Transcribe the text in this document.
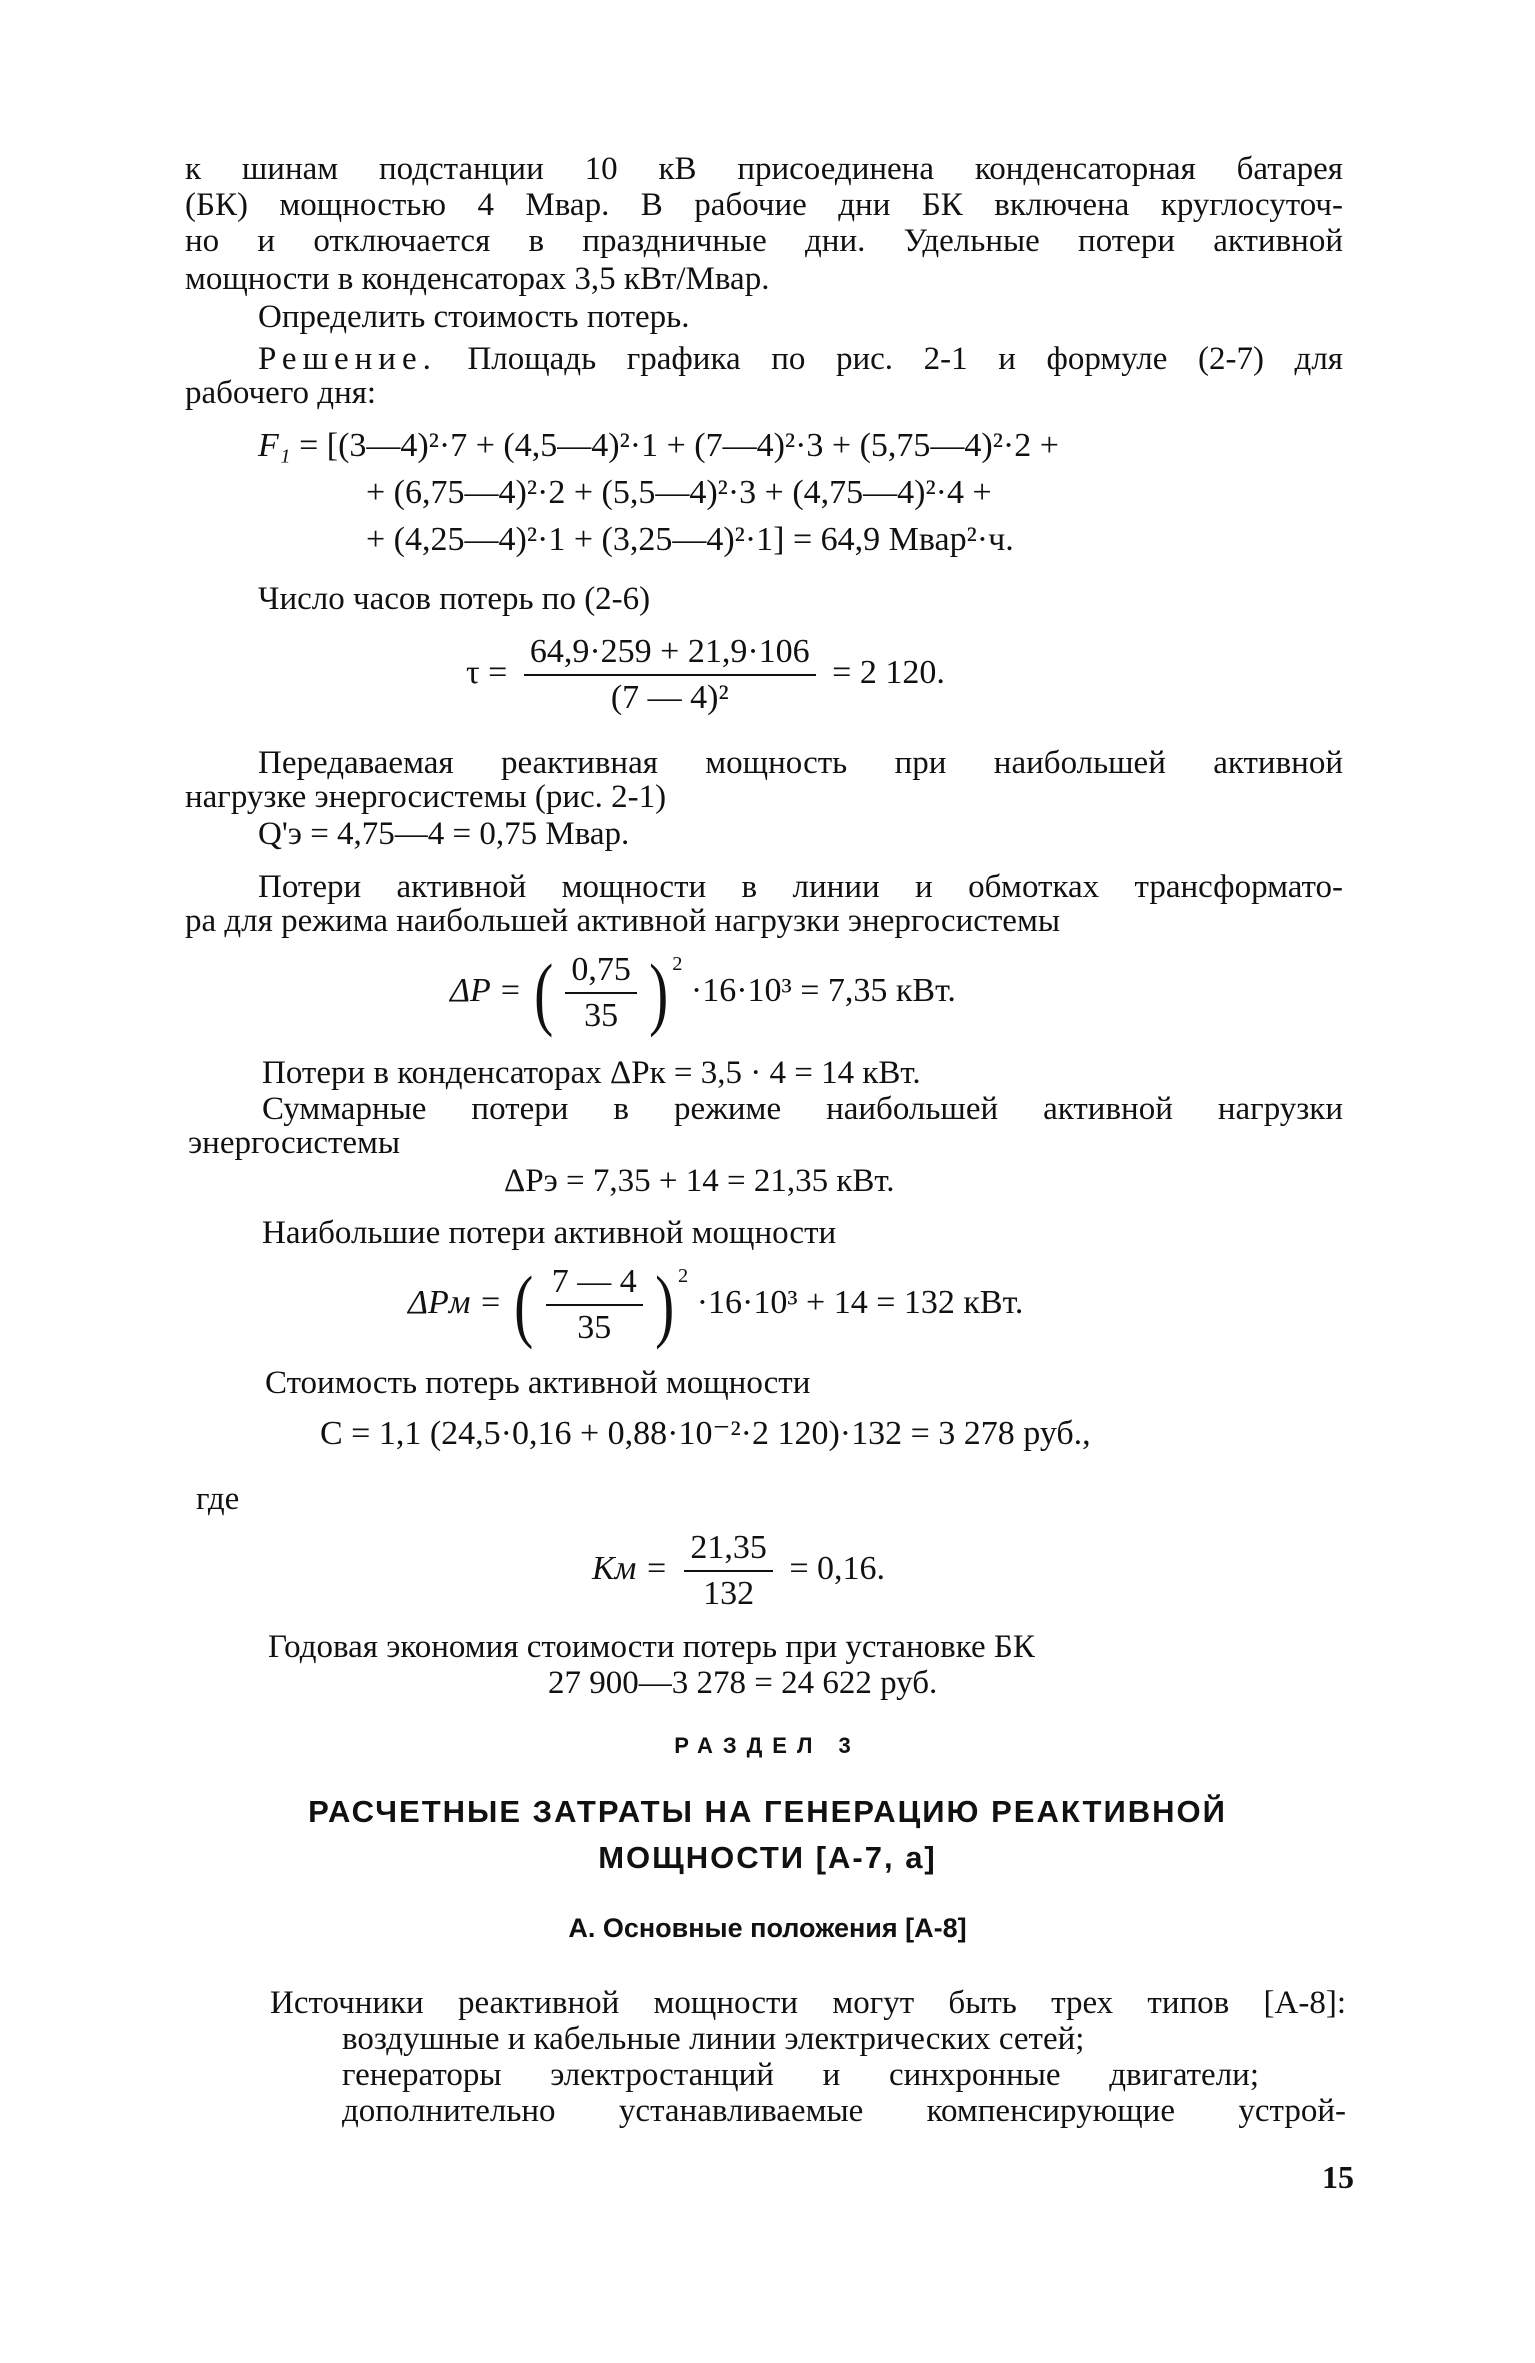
к шинам подстанции 10 кВ присоединена конденсаторная батарея

(БК) мощностью 4 Мвар. В рабочие дни БК включена круглосуточ-

но и отключается в праздничные дни. Удельные потери активной

мощности в конденсаторах 3,5 кВт/Мвар.

Определить стоимость потерь.

Решение. Площадь графика по рис. 2-1 и формуле (2-7) для

рабочего дня:

F₁ = [(3—4)²·7 + (4,5—4)²·1 + (7—4)²·3 + (5,75—4)²·2 +
+ (6,75—4)²·2 + (5,5—4)²·3 + (4,75—4)²·4 +
+ (4,25—4)²·1 + (3,25—4)²·1] = 64,9 Мвар²·ч.

Число часов потерь по (2-6)

$\tau = \frac{64,9\cdot 259 + 21,9\cdot 106}{\text{(7 — 4)²}} = 2$ 120.

Передаваемая реактивная мощность при наибольшей активной

нагрузке энергосистемы (рис. 2-1)

Q'э = 4,75—4 = 0,75 Мвар.

Потери активной мощности в линии и обмотках трансформато-

ра для режима наибольшей активной нагрузки энергосистемы

ΔP = ( $\frac{0,75}{35}$ ) $^2$ ·16·10³ = 7,35 кВт.

Потери в конденсаторах ΔPк = 3,5 · 4 = 14 кВт.

Суммарные потери в режиме наибольшей активной нагрузки

энергосистемы

ΔPэ = 7,35 + 14 = 21,35 кВт.

Наибольшие потери активной мощности

ΔPм = ( $\frac{7 — 4}{35}$ ) $^2$ ·16·10³ + 14 = 132 кВт.

Стоимость потерь активной мощности

C = 1,1 (24,5·0,16 + 0,88·10⁻²·2 120)·132 = 3 278 руб.,

где

Kм = $\frac{21,35}{132} = 0,16$.

Годовая экономия стоимости потерь при установке БК

27 900—3 278 = 24 622 руб.

РАЗДЕЛ 3
РАСЧЕТНЫЕ ЗАТРАТЫ НА ГЕНЕРАЦИЮ РЕАКТИВНОЙ
МОЩНОСТИ [А-7, а]
А. Основные положения [А-8]

Источники реактивной мощности могут быть трех типов [А-8]:

воздушные и кабельные линии электрических сетей;

генераторы электростанций и синхронные двигатели;

дополнительно устанавливаемые компенсирующие устрой-

15
